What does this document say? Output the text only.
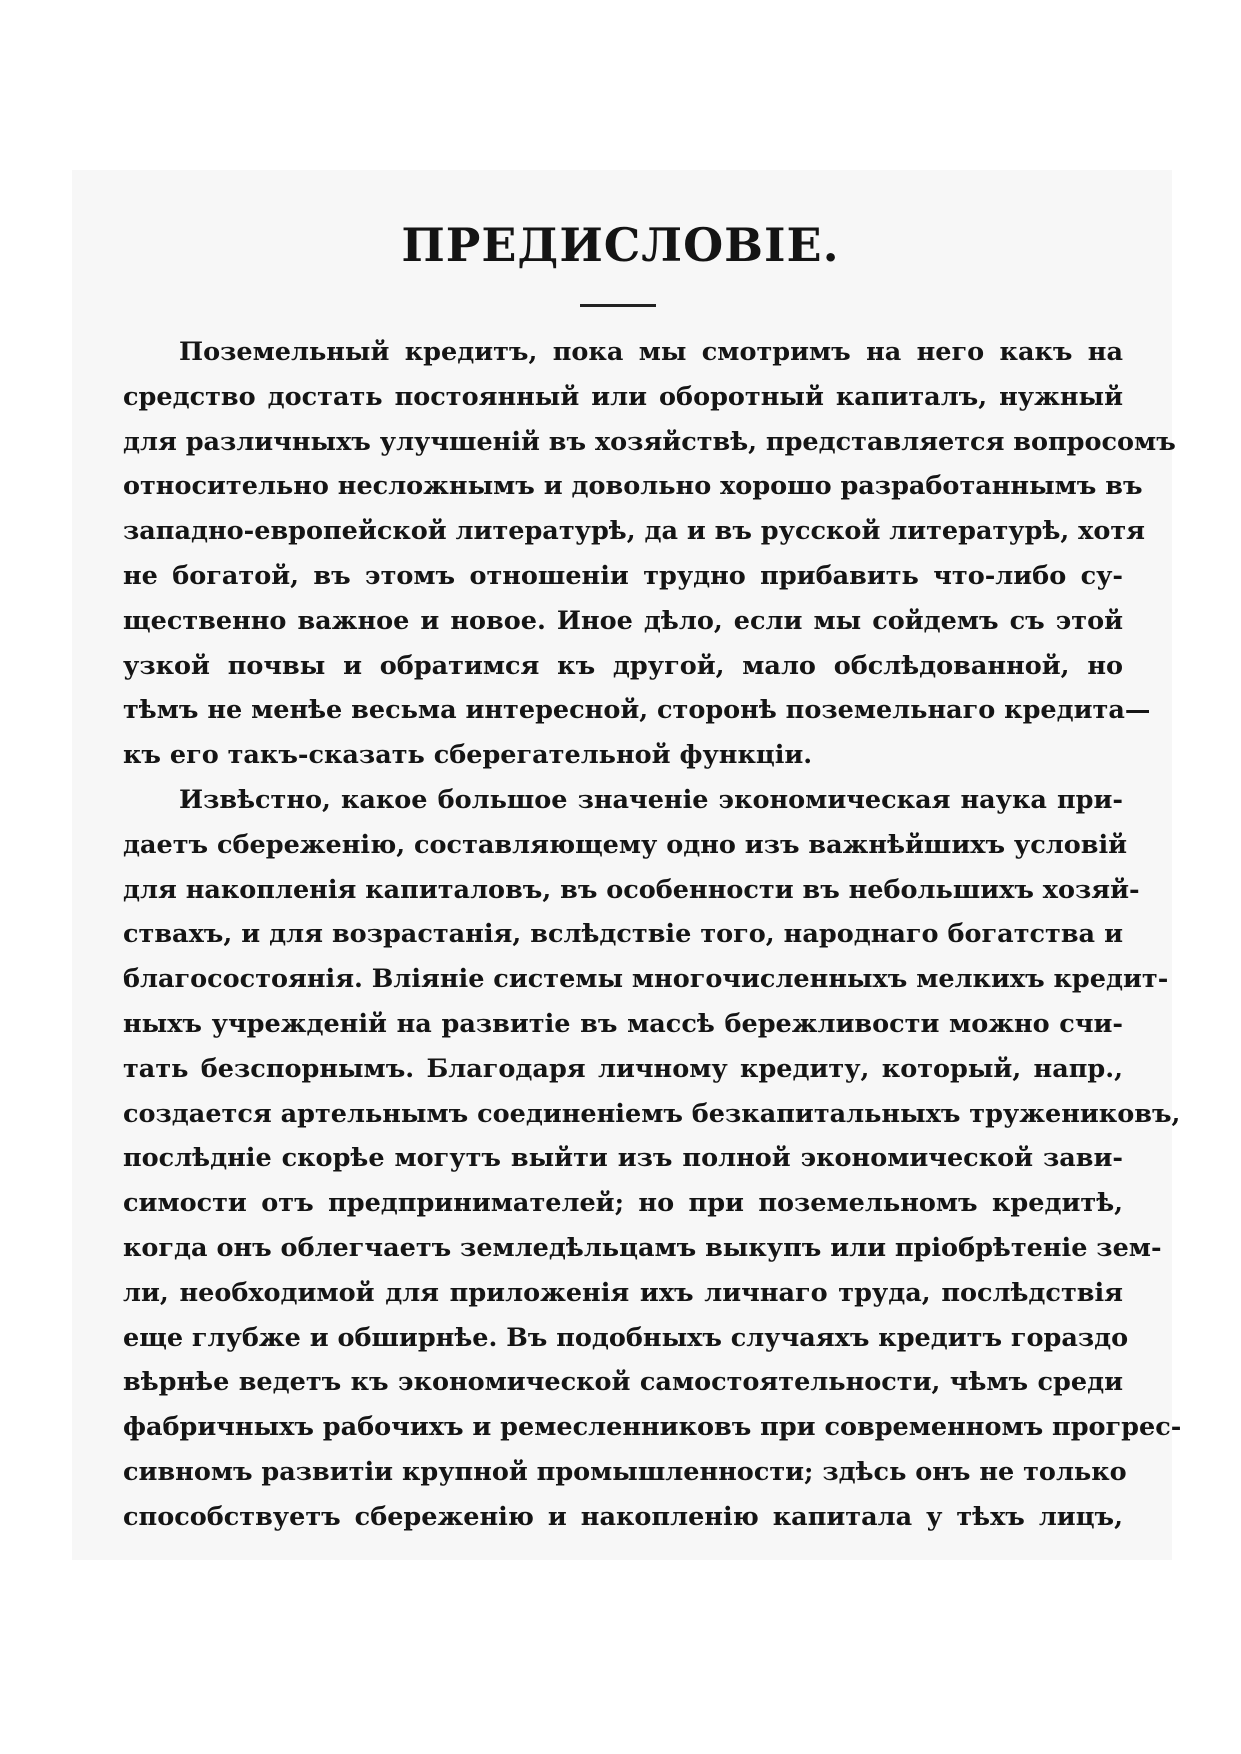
ПРЕДИСЛОВІЕ.
Поземельный кредитъ, пока мы смотримъ на него какъ на
средство достать постоянный или оборотный капиталъ, нужный
для различныхъ улучшеній въ хозяйствѣ, представляется вопросомъ
относительно несложнымъ и довольно хорошо разработаннымъ въ
западно-европейской литературѣ, да и въ русской литературѣ, хотя
не богатой, въ этомъ отношеніи трудно прибавить что-либо су-
щественно важное и новое. Иное дѣло, если мы сойдемъ съ этой
узкой почвы и обратимся къ другой, мало обслѣдованной, но
тѣмъ не менѣе весьма интересной, сторонѣ поземельнаго кредита—
къ его такъ-сказать сберегательной функціи.
Извѣстно, какое большое значеніе экономическая наука при-
даетъ сбереженію, составляющему одно изъ важнѣйшихъ условій
для накопленія капиталовъ, въ особенности въ небольшихъ хозяй-
ствахъ, и для возрастанія, вслѣдствіе того, народнаго богатства и
благосостоянія. Вліяніе системы многочисленныхъ мелкихъ кредит-
ныхъ учрежденій на развитіе въ массѣ бережливости можно счи-
тать безспорнымъ. Благодаря личному кредиту, который, напр.,
создается артельнымъ соединеніемъ безкапитальныхъ тружениковъ,
послѣдніе скорѣе могутъ выйти изъ полной экономической зави-
симости отъ предпринимателей; но при поземельномъ кредитѣ,
когда онъ облегчаетъ земледѣльцамъ выкупъ или пріобрѣтеніе зем-
ли, необходимой для приложенія ихъ личнаго труда, послѣдствія
еще глубже и обширнѣе. Въ подобныхъ случаяхъ кредитъ гораздо
вѣрнѣе ведетъ къ экономической самостоятельности, чѣмъ среди
фабричныхъ рабочихъ и ремесленниковъ при современномъ прогрес-
сивномъ развитіи крупной промышленности; здѣсь онъ не только
способствуетъ сбереженію и накопленію капитала у тѣхъ лицъ,
